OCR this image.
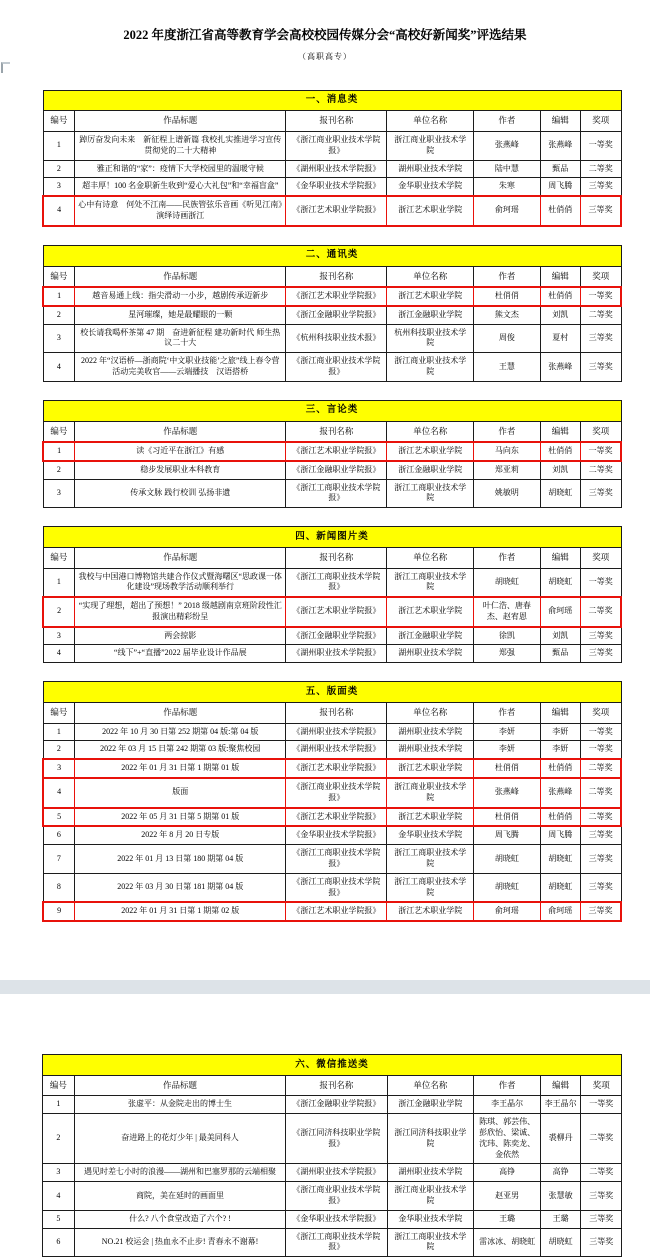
2022 年度浙江省高等教育学会高校校园传媒分会“高校好新闻奖”评选结果
（高职高专）
一、消息类						
编号	作品标题	报刊名称	单位名称	作者	编辑	奖项
1	踔厉奋发向未来　新征程上谱新篇 我校扎实推进学习宣传贯彻党的二十大精神	《浙江商业职业技术学院报》	浙江商业职业技术学院	张燕峰	张燕峰	一等奖
2	雅正和谐的“家”：疫情下大学校园里的温暖守候	《湖州职业技术学院报》	湖州职业技术学院	陆中慧	甄品	二等奖
3	超丰厚！100 名金职新生收到“爱心大礼包”和“幸福盲盒”	《金华职业技术学院报》	金华职业技术学院	朱寒	周飞腾	三等奖
4	心中有诗意　何处不江南——民族管弦乐音画《听见江南》演绎诗画浙江	《浙江艺术职业学院报》	浙江艺术职业学院	俞珂瑶	杜俏俏	三等奖
二、通讯类						
编号	作品标题	报刊名称	单位名称	作者	编辑	奖项
1	越音易通上线：指尖滑动一小步，越剧传承迈新步	《浙江艺术职业学院报》	浙江艺术职业学院	杜俏俏	杜俏俏	一等奖
2	星河璀璨，她是最耀眼的一颗	《浙江金融职业学院报》	浙江金融职业学院	熊文杰	刘凯	二等奖
3	校长请我喝杯茶第 47 期　奋进新征程 建功新时代 师生热议二十大	《杭州科技职业技术报》	杭州科技职业技术学院	周俊	夏村	三等奖
4	2022 年“汉语桥—浙商院‘中文职业技能’之旅”线上春令营活动完美收官——云端播技　汉语搭桥	《浙江商业职业技术学院报》	浙江商业职业技术学院	王慧	张燕峰	三等奖
三、言论类						
编号	作品标题	报刊名称	单位名称	作者	编辑	奖项
1	读《习近平在浙江》有感	《浙江艺术职业学院报》	浙江艺术职业学院	马向东	杜俏俏	一等奖
2	稳步发展职业本科教育	《浙江金融职业学院报》	浙江金融职业学院	郑亚莉	刘凯	二等奖
3	传承文脉 践行校训 弘扬非遗	《浙江工商职业技术学院报》	浙江工商职业技术学院	姚敏明	胡晓虹	三等奖
四、新闻图片类						
编号	作品标题	报刊名称	单位名称	作者	编辑	奖项
1	我校与中国港口博物馆共建合作仪式暨海曙区“思政课一体化建设”现场教学活动顺利举行	《浙江工商职业技术学院报》	浙江工商职业技术学院	胡晓虹	胡晓虹	一等奖
2	“实现了理想，超出了预想！” 2018 级越剧南京班阶段性汇报演出精彩纷呈	《浙江艺术职业学院报》	浙江艺术职业学院	叶仁浩、唐春杰、赵宥恩	俞珂瑶	二等奖
3	两会掠影	《浙江金融职业学院报》	浙江金融职业学院	徐凯	刘凯	三等奖
4	“线下”+“直播”2022 届毕业设计作品展	《湖州职业技术学院报》	湖州职业技术学院	郑强	甄品	三等奖
五、版面类						
编号	作品标题	报刊名称	单位名称	作者	编辑	奖项
1	2022 年 10 月 30 日第 252 期第 04 版:第 04 版	《湖州职业技术学院报》	湖州职业技术学院	李妍	李妍	一等奖
2	2022 年 03 月 15 日第 242 期第 03 版:聚焦校园	《湖州职业技术学院报》	湖州职业技术学院	李妍	李妍	一等奖
3	2022 年 01 月 31 日第 1 期第 01 版	《浙江艺术职业学院报》	浙江艺术职业学院	杜俏俏	杜俏俏	二等奖
4	版面	《浙江商业职业技术学院报》	浙江商业职业技术学院	张燕峰	张燕峰	二等奖
5	2022 年 05 月 31 日第 5 期第 01 版	《浙江艺术职业学院报》	浙江艺术职业学院	杜俏俏	杜俏俏	二等奖
6	2022 年 8 月 20 日专版	《金华职业技术学院报》	金华职业技术学院	周飞腾	周飞腾	三等奖
7	2022 年 01 月 13 日第 180 期第 04 版	《浙江工商职业技术学院报》	浙江工商职业技术学院	胡晓虹	胡晓虹	三等奖
8	2022 年 03 月 30 日第 181 期第 04 版	《浙江工商职业技术学院报》	浙江工商职业技术学院	胡晓虹	胡晓虹	三等奖
9	2022 年 01 月 31 日第 1 期第 02 版	《浙江艺术职业学院报》	浙江艺术职业学院	俞珂瑶	俞珂瑶	三等奖
六、微信推送类						
编号	作品标题	报刊名称	单位名称	作者	编辑	奖项
1	张虚平：从金院走出的博士生	《浙江金融职业学院报》	浙江金融职业学院	李王晶尔	李王晶尔	一等奖
2	奋进路上的花灯少年 | 最美同科人	《浙江同济科技职业学院报》	浙江同济科技职业学院	陈琪、郭芸伟、彭欣怡、梁诚、沈玮、陈奕龙、金依然	裘柳丹	二等奖
3	遇见时差七小时的浪漫——湖州和巴塞罗那的云端相聚	《湖州职业技术学院报》	湖州职业技术学院	高铮	高铮	二等奖
4	商院，美在延时的画面里	《浙江商业职业技术学院报》	浙江商业职业技术学院	赵亚男	张慧敏	三等奖
5	什么? 八个食堂改造了六个? !	《金华职业技术学院报》	金华职业技术学院	王璐	王璐	三等奖
6	NO.21 校运会 | 热血永不止步! 青春永不谢幕!	《浙江工商职业技术学院报》	浙江工商职业技术学院	雷冰冰、胡晓虹	胡晓虹	三等奖
